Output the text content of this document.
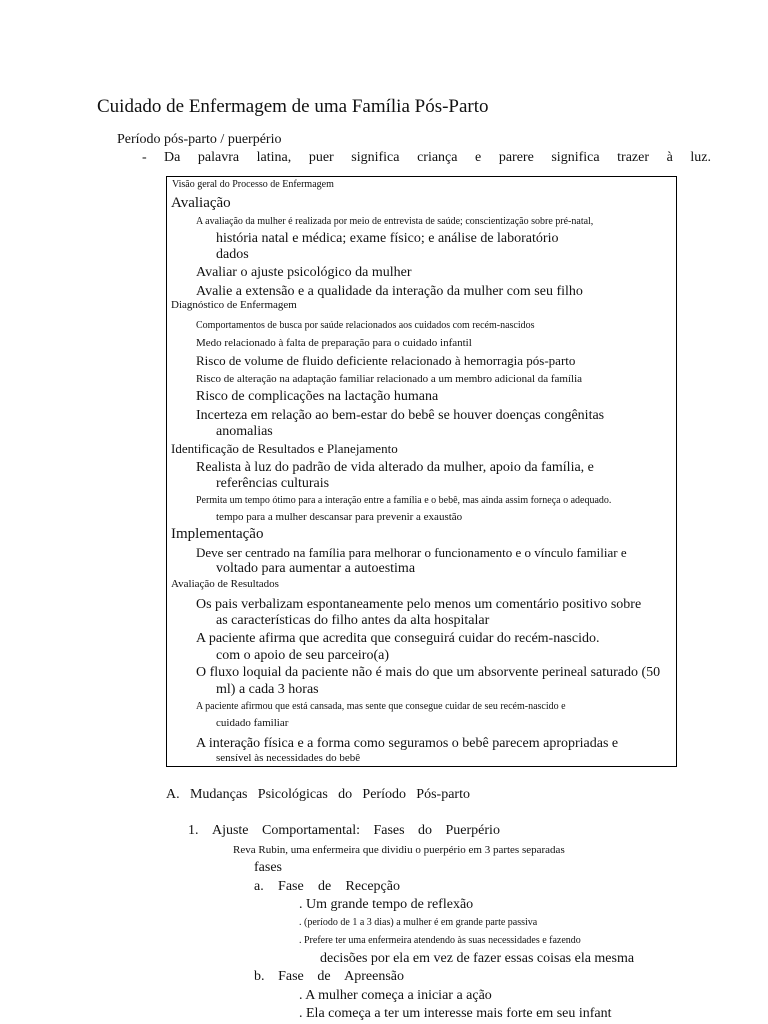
Cuidado de Enfermagem de uma Família Pós-Parto
Período pós-parto / puerpério
- Da palavra latina, puer significa criança e parere significa trazer à luz.
Visão geral do Processo de Enfermagem
Avaliação
A avaliação da mulher é realizada por meio de entrevista de saúde; conscientização sobre pré-natal,
história natal e médica; exame físico; e análise de laboratório
dados
Avaliar o ajuste psicológico da mulher
Avalie a extensão e a qualidade da interação da mulher com seu filho
Diagnóstico de Enfermagem
Comportamentos de busca por saúde relacionados aos cuidados com recém-nascidos
Medo relacionado à falta de preparação para o cuidado infantil
Risco de volume de fluido deficiente relacionado à hemorragia pós-parto
Risco de alteração na adaptação familiar relacionado a um membro adicional da família
Risco de complicações na lactação humana
Incerteza em relação ao bem-estar do bebê se houver doenças congênitas
anomalias
Identificação de Resultados e Planejamento
Realista à luz do padrão de vida alterado da mulher, apoio da família, e
referências culturais
Permita um tempo ótimo para a interação entre a família e o bebê, mas ainda assim forneça o adequado.
tempo para a mulher descansar para prevenir a exaustão
Implementação
Deve ser centrado na família para melhorar o funcionamento e o vínculo familiar e
voltado para aumentar a autoestima
Avaliação de Resultados
Os pais verbalizam espontaneamente pelo menos um comentário positivo sobre
as características do filho antes da alta hospitalar
A paciente afirma que acredita que conseguirá cuidar do recém-nascido.
com o apoio de seu parceiro(a)
O fluxo loquial da paciente não é mais do que um absorvente perineal saturado (50
ml) a cada 3 horas
A paciente afirmou que está cansada, mas sente que consegue cuidar de seu recém-nascido e
cuidado familiar
A interação física e a forma como seguramos o bebê parecem apropriadas e
sensível às necessidades do bebê
A. Mudanças Psicológicas do Período Pós-parto
1. Ajuste Comportamental: Fases do Puerpério
Reva Rubin, uma enfermeira que dividiu o puerpério em 3 partes separadas
fases
a. Fase de Recepção
. Um grande tempo de reflexão
. (período de 1 a 3 dias) a mulher é em grande parte passiva
. Prefere ter uma enfermeira atendendo às suas necessidades e fazendo
decisões por ela em vez de fazer essas coisas ela mesma
b. Fase de Apreensão
. A mulher começa a iniciar a ação
. Ela começa a ter um interesse mais forte em seu infant
